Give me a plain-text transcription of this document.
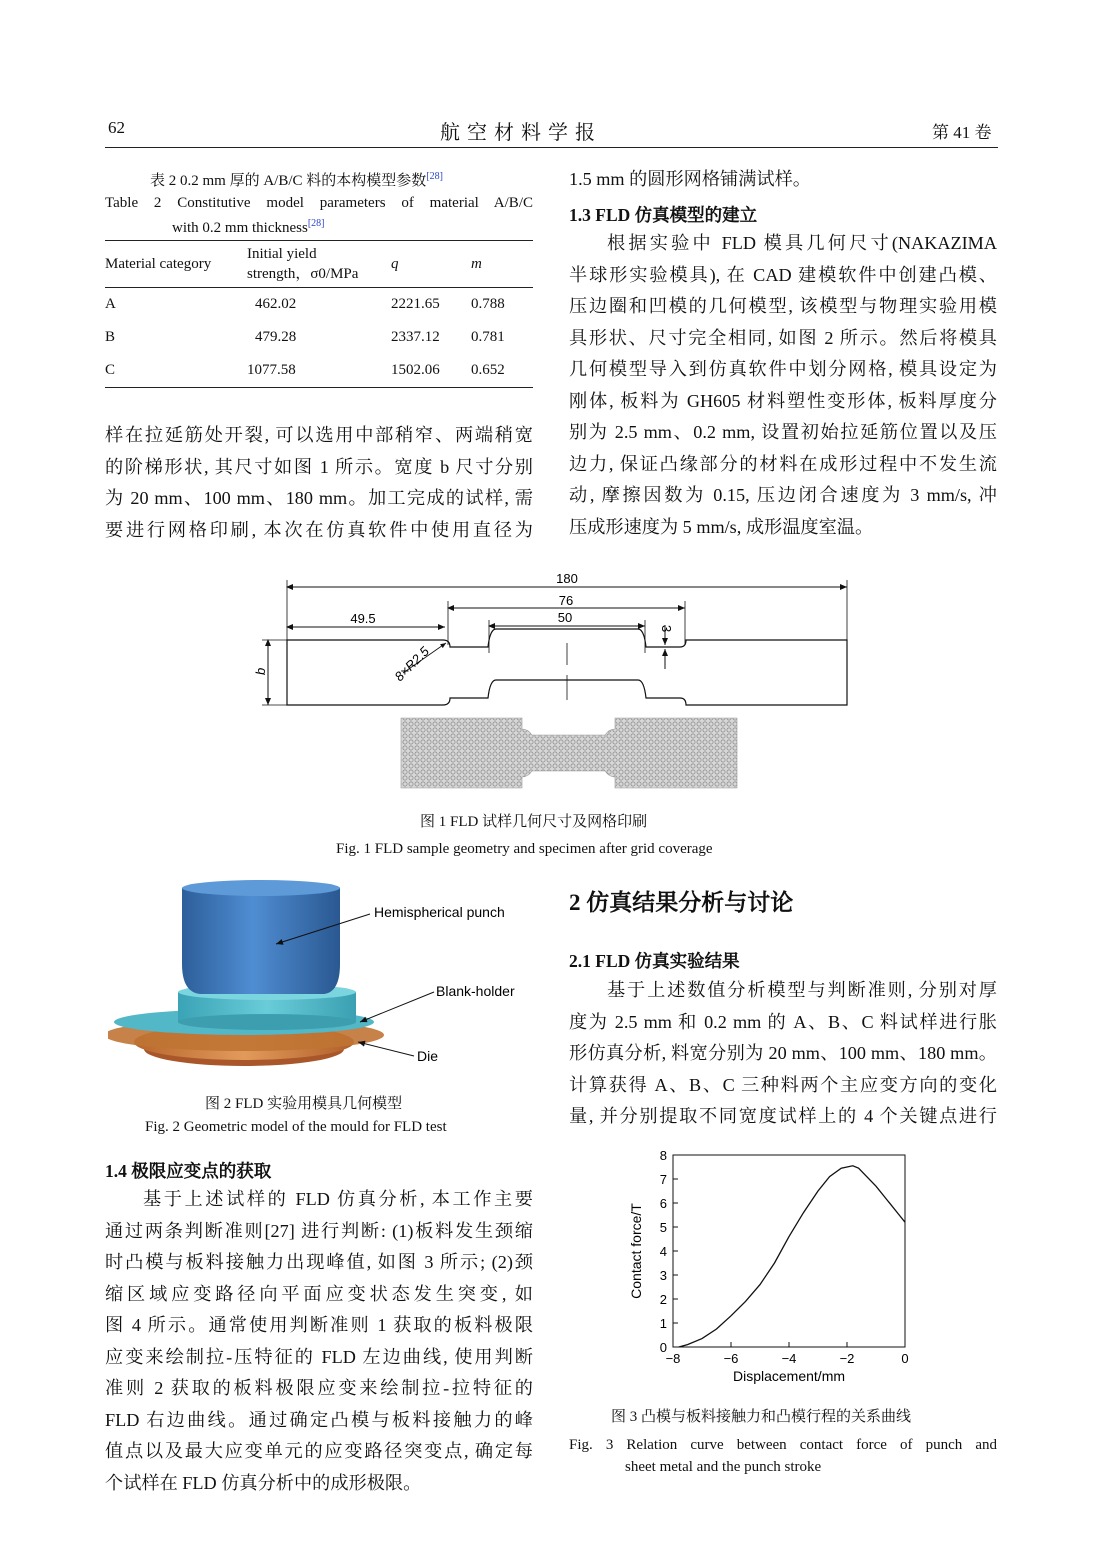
62	航 空 材 料 学 报	第 41 卷
表 2 0.2 mm 厚的 A/B/C 料的本构模型参数[28]
Table 2 Constitutive model parameters of material A/B/C
with 0.2 mm thickness[28]
Material category	Initial yield
strength，σ0/MPa	q	m
A	462.02	2221.65	0.788
B	479.28	2337.12	0.781
C	1077.58	1502.06	0.652
样在拉延筋处开裂, 可以选用中部稍窄、两端稍宽
的阶梯形状, 其尺寸如图 1 所示。宽度 b 尺寸分别
为 20 mm、100 mm、180 mm。加工完成的试样, 需
要进行网格印刷, 本次在仿真软件中使用直径为
1.5 mm 的圆形网格铺满试样。
1.3 FLD 仿真模型的建立
根据实验中 FLD 模具几何尺寸(NAKAZIMA
半球形实验模具), 在 CAD 建模软件中创建凸模、
压边圈和凹模的几何模型, 该模型与物理实验用模
具形状、尺寸完全相同, 如图 2 所示。然后将模具
几何模型导入到仿真软件中划分网格, 模具设定为
刚体, 板料为 GH605 材料塑性变形体, 板料厚度分
别为 2.5 mm、0.2 mm, 设置初始拉延筋位置以及压
边力, 保证凸缘部分的材料在成形过程中不发生流
动, 摩擦因数为 0.15, 压边闭合速度为 3 mm/s, 冲
压成形速度为 5 mm/s, 成形温度室温。
180
76
50
49.5
3
b	8×R2.5
图 1 FLD 试样几何尺寸及网格印刷
Fig. 1 FLD sample geometry and specimen after grid coverage
Hemispherical punch
Blank-holder
Die
图 2 FLD 实验用模具几何模型
Fig. 2 Geometric model of the mould for FLD test
1.4 极限应变点的获取
基于上述试样的 FLD 仿真分析, 本工作主要
通过两条判断准则[27] 进行判断: (1)板料发生颈缩
时凸模与板料接触力出现峰值, 如图 3 所示; (2)颈
缩区域应变路径向平面应变状态发生突变, 如
图 4 所示。通常使用判断准则 1 获取的板料极限
应变来绘制拉-压特征的 FLD 左边曲线, 使用判断
准则 2 获取的板料极限应变来绘制拉-拉特征的
FLD 右边曲线。通过确定凸模与板料接触力的峰
值点以及最大应变单元的应变路径突变点, 确定每
个试样在 FLD 仿真分析中的成形极限。
2 仿真结果分析与讨论
2.1 FLD 仿真实验结果
基于上述数值分析模型与判断准则, 分别对厚
度为 2.5 mm 和 0.2 mm 的 A、B、C 料试样进行胀
形仿真分析, 料宽分别为 20 mm、100 mm、180 mm。
计算获得 A、B、C 三种料两个主应变方向的变化
量, 并分别提取不同宽度试样上的 4 个关键点进行
0
1
2
3
4
5
6
7
8
−8	−6	−4	−2	0
Displacement/mm
Contact force/T
图 3 凸模与板料接触力和凸模行程的关系曲线
Fig. 3 Relation curve between contact force of punch and
sheet metal and the punch stroke
